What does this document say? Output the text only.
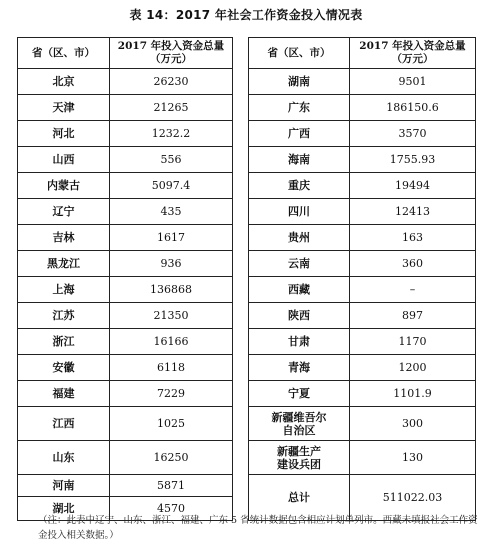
表 14：2017 年社会工作资金投入情况表
省（区、市）	2017 年投入资金总量
（万元）
北京	26230
天津	21265
河北	1232.2
山西	556
内蒙古	5097.4
辽宁	435
吉林	1617
黑龙江	936
上海	136868
江苏	21350
浙江	16166
安徽	6118
福建	7229
江西	1025
山东	16250
河南	5871
湖北	4570
省（区、市）	2017 年投入资金总量
（万元）
湖南	9501
广东	186150.6
广西	3570
海南	1755.93
重庆	19494
四川	12413
贵州	163
云南	360
西藏	–
陕西	897
甘肃	1170
青海	1200
宁夏	1101.9
新疆维吾尔
自治区	300
新疆生产
建设兵团	130
总计	511022.03
（注：此表中辽宁、山东、浙江、福建、广东 5 省统计数据包含相应计划单列市。西藏未填报社会工作资金投入相关数据。）
